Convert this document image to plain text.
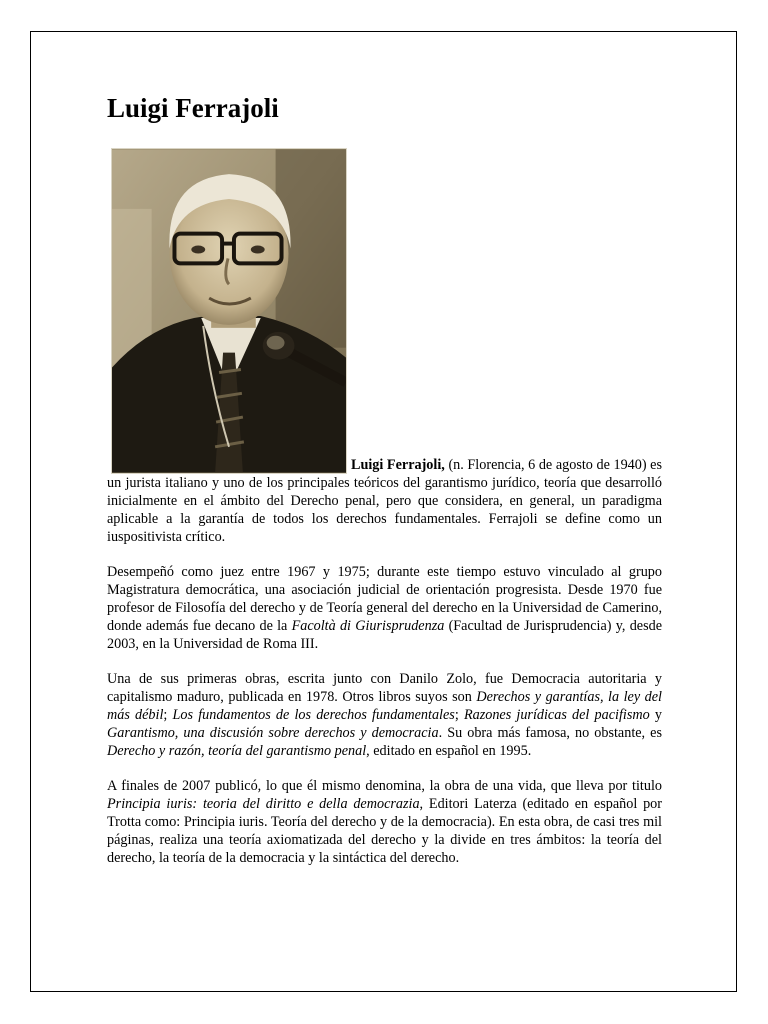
Luigi Ferrajoli
Luigi Ferrajoli, (n. Florencia, 6 de agosto de 1940) es un jurista italiano y uno de los principales teóricos del garantismo jurídico, teoría que desarrolló inicialmente en el ámbito del Derecho penal, pero que considera, en general, un paradigma aplicable a la garantía de todos los derechos fundamentales. Ferrajoli se define como un iuspositivista crítico.

Desempeñó como juez entre 1967 y 1975; durante este tiempo estuvo vinculado al grupo Magistratura democrática, una asociación judicial de orientación progresista. Desde 1970 fue profesor de Filosofía del derecho y de Teoría general del derecho en la Universidad de Camerino, donde además fue decano de la Facoltà di Giurisprudenza (Facultad de Jurisprudencia) y, desde 2003, en la Universidad de Roma III.

Una de sus primeras obras, escrita junto con Danilo Zolo, fue Democracia autoritaria y capitalismo maduro, publicada en 1978. Otros libros suyos son Derechos y garantías, la ley del más débil; Los fundamentos de los derechos fundamentales; Razones jurídicas del pacifismo y Garantismo, una discusión sobre derechos y democracia. Su obra más famosa, no obstante, es Derecho y razón, teoría del garantismo penal, editado en español en 1995.

A finales de 2007 publicó, lo que él mismo denomina, la obra de una vida, que lleva por titulo Principia iuris: teoria del diritto e della democrazia, Editori Laterza (editado en español por Trotta como: Principia iuris. Teoría del derecho y de la democracia). En esta obra, de casi tres mil páginas, realiza una teoría axiomatizada del derecho y la divide en tres ámbitos: la teoría del derecho, la teoría de la democracia y la sintáctica del derecho.
